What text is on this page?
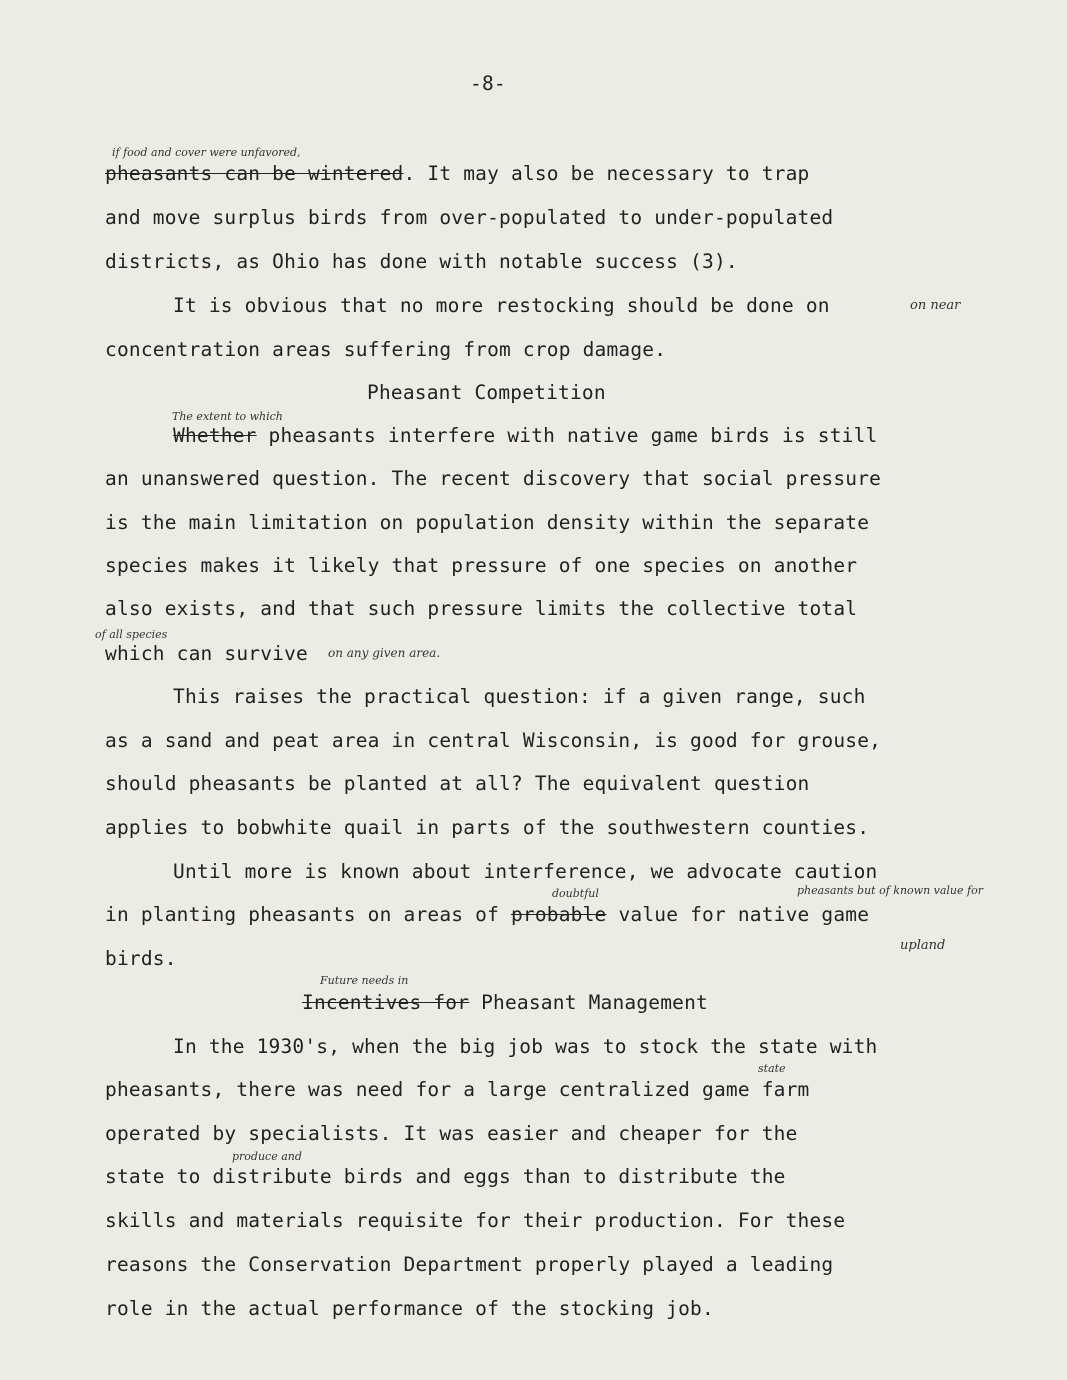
-8-
if food and cover were unfavored,
pheasants can be wintered. It may also be necessary to trap
and move surplus birds from over-populated to under-populated
districts, as Ohio has done with notable success (3).
It is obvious that no more restocking should be done on	on near
concentration areas suffering from crop damage.
Pheasant Competition
The extent to which
Whether pheasants interfere with native game birds is still
an unanswered question. The recent discovery that social pressure
is the main limitation on population density within the separate
species makes it likely that pressure of one species on another
also exists, and that such pressure limits the collective total
of all species
which can survive on any given area.
This raises the practical question: if a given range, such
as a sand and peat area in central Wisconsin, is good for grouse,
should pheasants be planted at all? The equivalent question
applies to bobwhite quail in parts of the southwestern counties.
Until more is known about interference, we advocate caution
doubtful	pheasants but of known value for
in planting pheasants on areas of probable value for native game
upland
birds.
Future needs in
Incentives for Pheasant Management
In the 1930's, when the big job was to stock the state with
state
pheasants, there was need for a large centralized game farm
operated by specialists. It was easier and cheaper for the
produce and
state to distribute birds and eggs than to distribute the
skills and materials requisite for their production. For these
reasons the Conservation Department properly played a leading
role in the actual performance of the stocking job.
